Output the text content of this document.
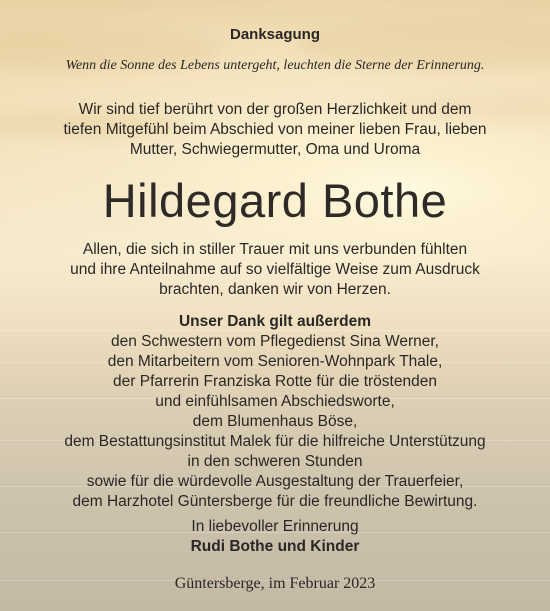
Danksagung
Wenn die Sonne des Lebens untergeht, leuchten die Sterne der Erinnerung.
Wir sind tief berührt von der großen Herzlichkeit und dem
tiefen Mitgefühl beim Abschied von meiner lieben Frau, lieben
Mutter, Schwiegermutter, Oma und Uroma
Hildegard Bothe
Allen, die sich in stiller Trauer mit uns verbunden fühlten
und ihre Anteilnahme auf so vielfältige Weise zum Ausdruck
brachten, danken wir von Herzen.
Unser Dank gilt außerdem
den Schwestern vom Pflegedienst Sina Werner,
den Mitarbeitern vom Senioren-Wohnpark Thale,
der Pfarrerin Franziska Rotte für die tröstenden
und einfühlsamen Abschiedsworte,
dem Blumenhaus Böse,
dem Bestattungsinstitut Malek für die hilfreiche Unterstützung
in den schweren Stunden
sowie für die würdevolle Ausgestaltung der Trauerfeier,
dem Harzhotel Güntersberge für die freundliche Bewirtung.
In liebevoller Erinnerung
Rudi Bothe und Kinder
Güntersberge, im Februar 2023
